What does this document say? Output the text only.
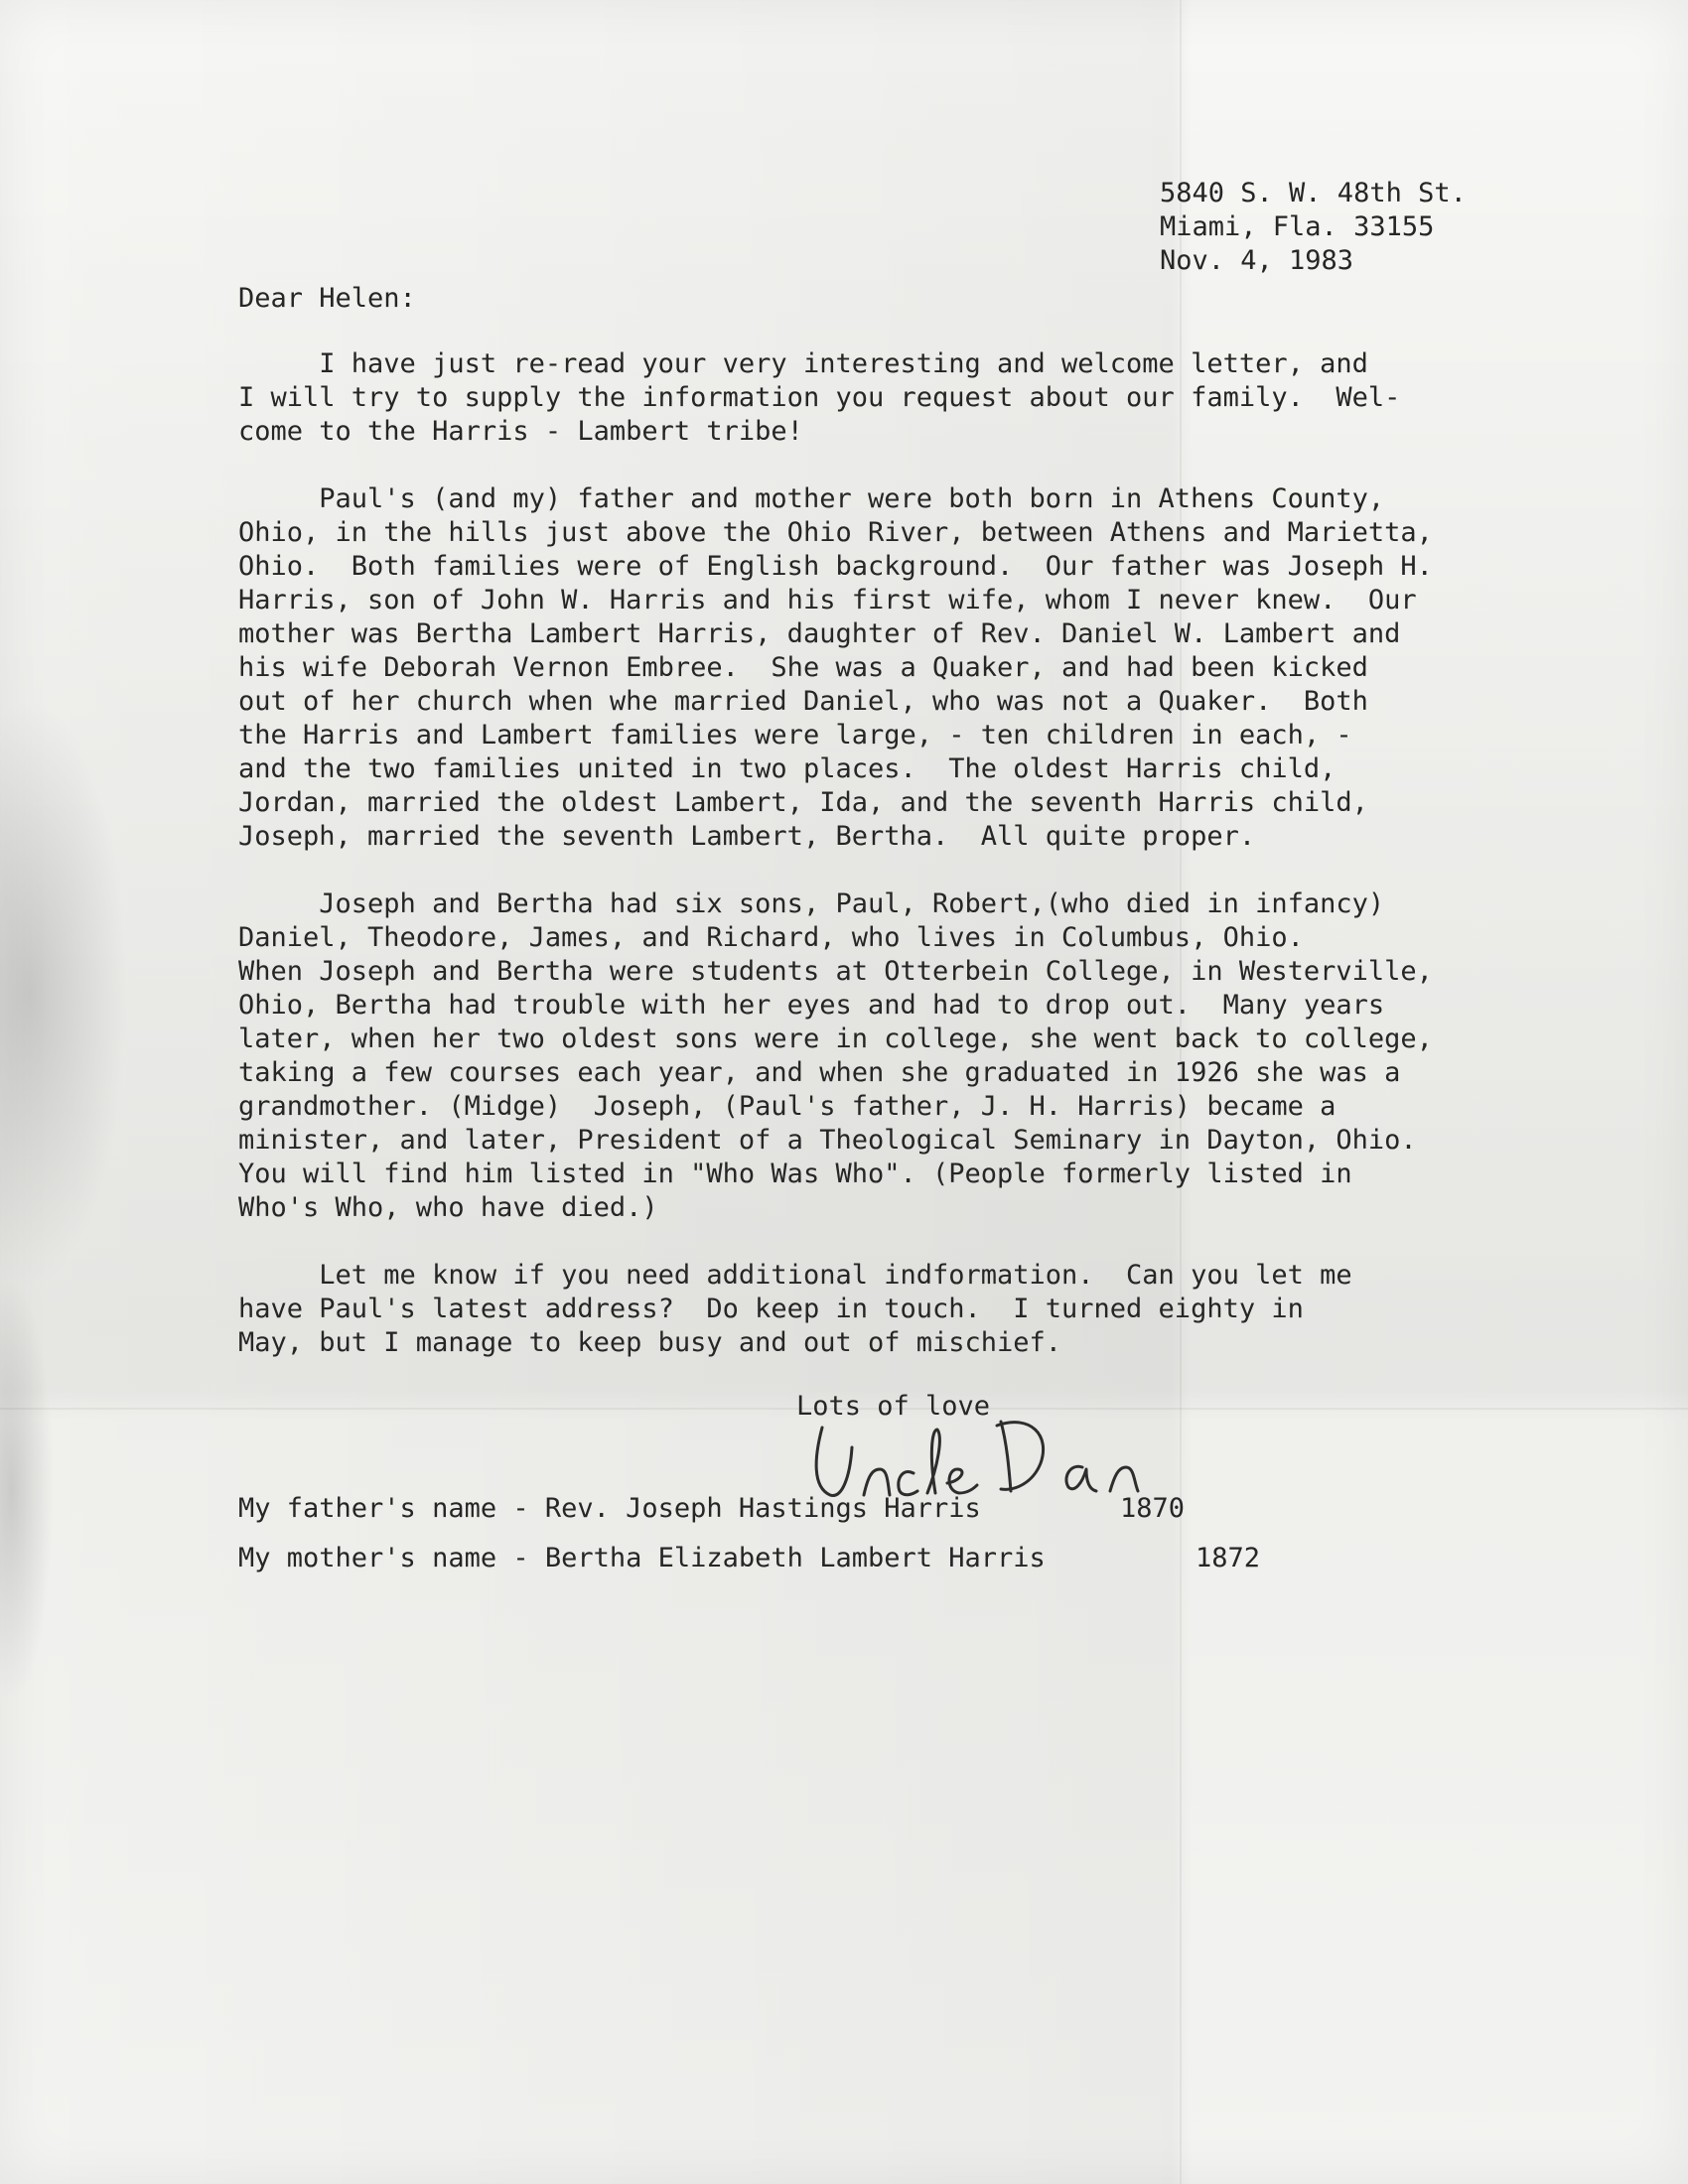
5840 S. W. 48th St.
Miami, Fla. 33155
Nov. 4, 1983
Dear Helen:
I have just re-read your very interesting and welcome letter, and
I will try to supply the information you request about our family.  Wel-
come to the Harris - Lambert tribe!
Paul's (and my) father and mother were both born in Athens County,
Ohio, in the hills just above the Ohio River, between Athens and Marietta,
Ohio.  Both families were of English background.  Our father was Joseph H.
Harris, son of John W. Harris and his first wife, whom I never knew.  Our
mother was Bertha Lambert Harris, daughter of Rev. Daniel W. Lambert and
his wife Deborah Vernon Embree.  She was a Quaker, and had been kicked
out of her church when whe married Daniel, who was not a Quaker.  Both
the Harris and Lambert families were large, - ten children in each, -
and the two families united in two places.  The oldest Harris child,
Jordan, married the oldest Lambert, Ida, and the seventh Harris child,
Joseph, married the seventh Lambert, Bertha.  All quite proper.
Joseph and Bertha had six sons, Paul, Robert,(who died in infancy)
Daniel, Theodore, James, and Richard, who lives in Columbus, Ohio.
When Joseph and Bertha were students at Otterbein College, in Westerville,
Ohio, Bertha had trouble with her eyes and had to drop out.  Many years
later, when her two oldest sons were in college, she went back to college,
taking a few courses each year, and when she graduated in 1926 she was a
grandmother. (Midge)  Joseph, (Paul's father, J. H. Harris) became a
minister, and later, President of a Theological Seminary in Dayton, Ohio.
You will find him listed in "Who Was Who". (People formerly listed in
Who's Who, who have died.)
Let me know if you need additional indformation.  Can you let me
have Paul's latest address?  Do keep in touch.  I turned eighty in
May, but I manage to keep busy and out of mischief.
Lots of love
My father's name - Rev. Joseph Hastings Harris	1870
My mother's name - Bertha Elizabeth Lambert Harris	1872
